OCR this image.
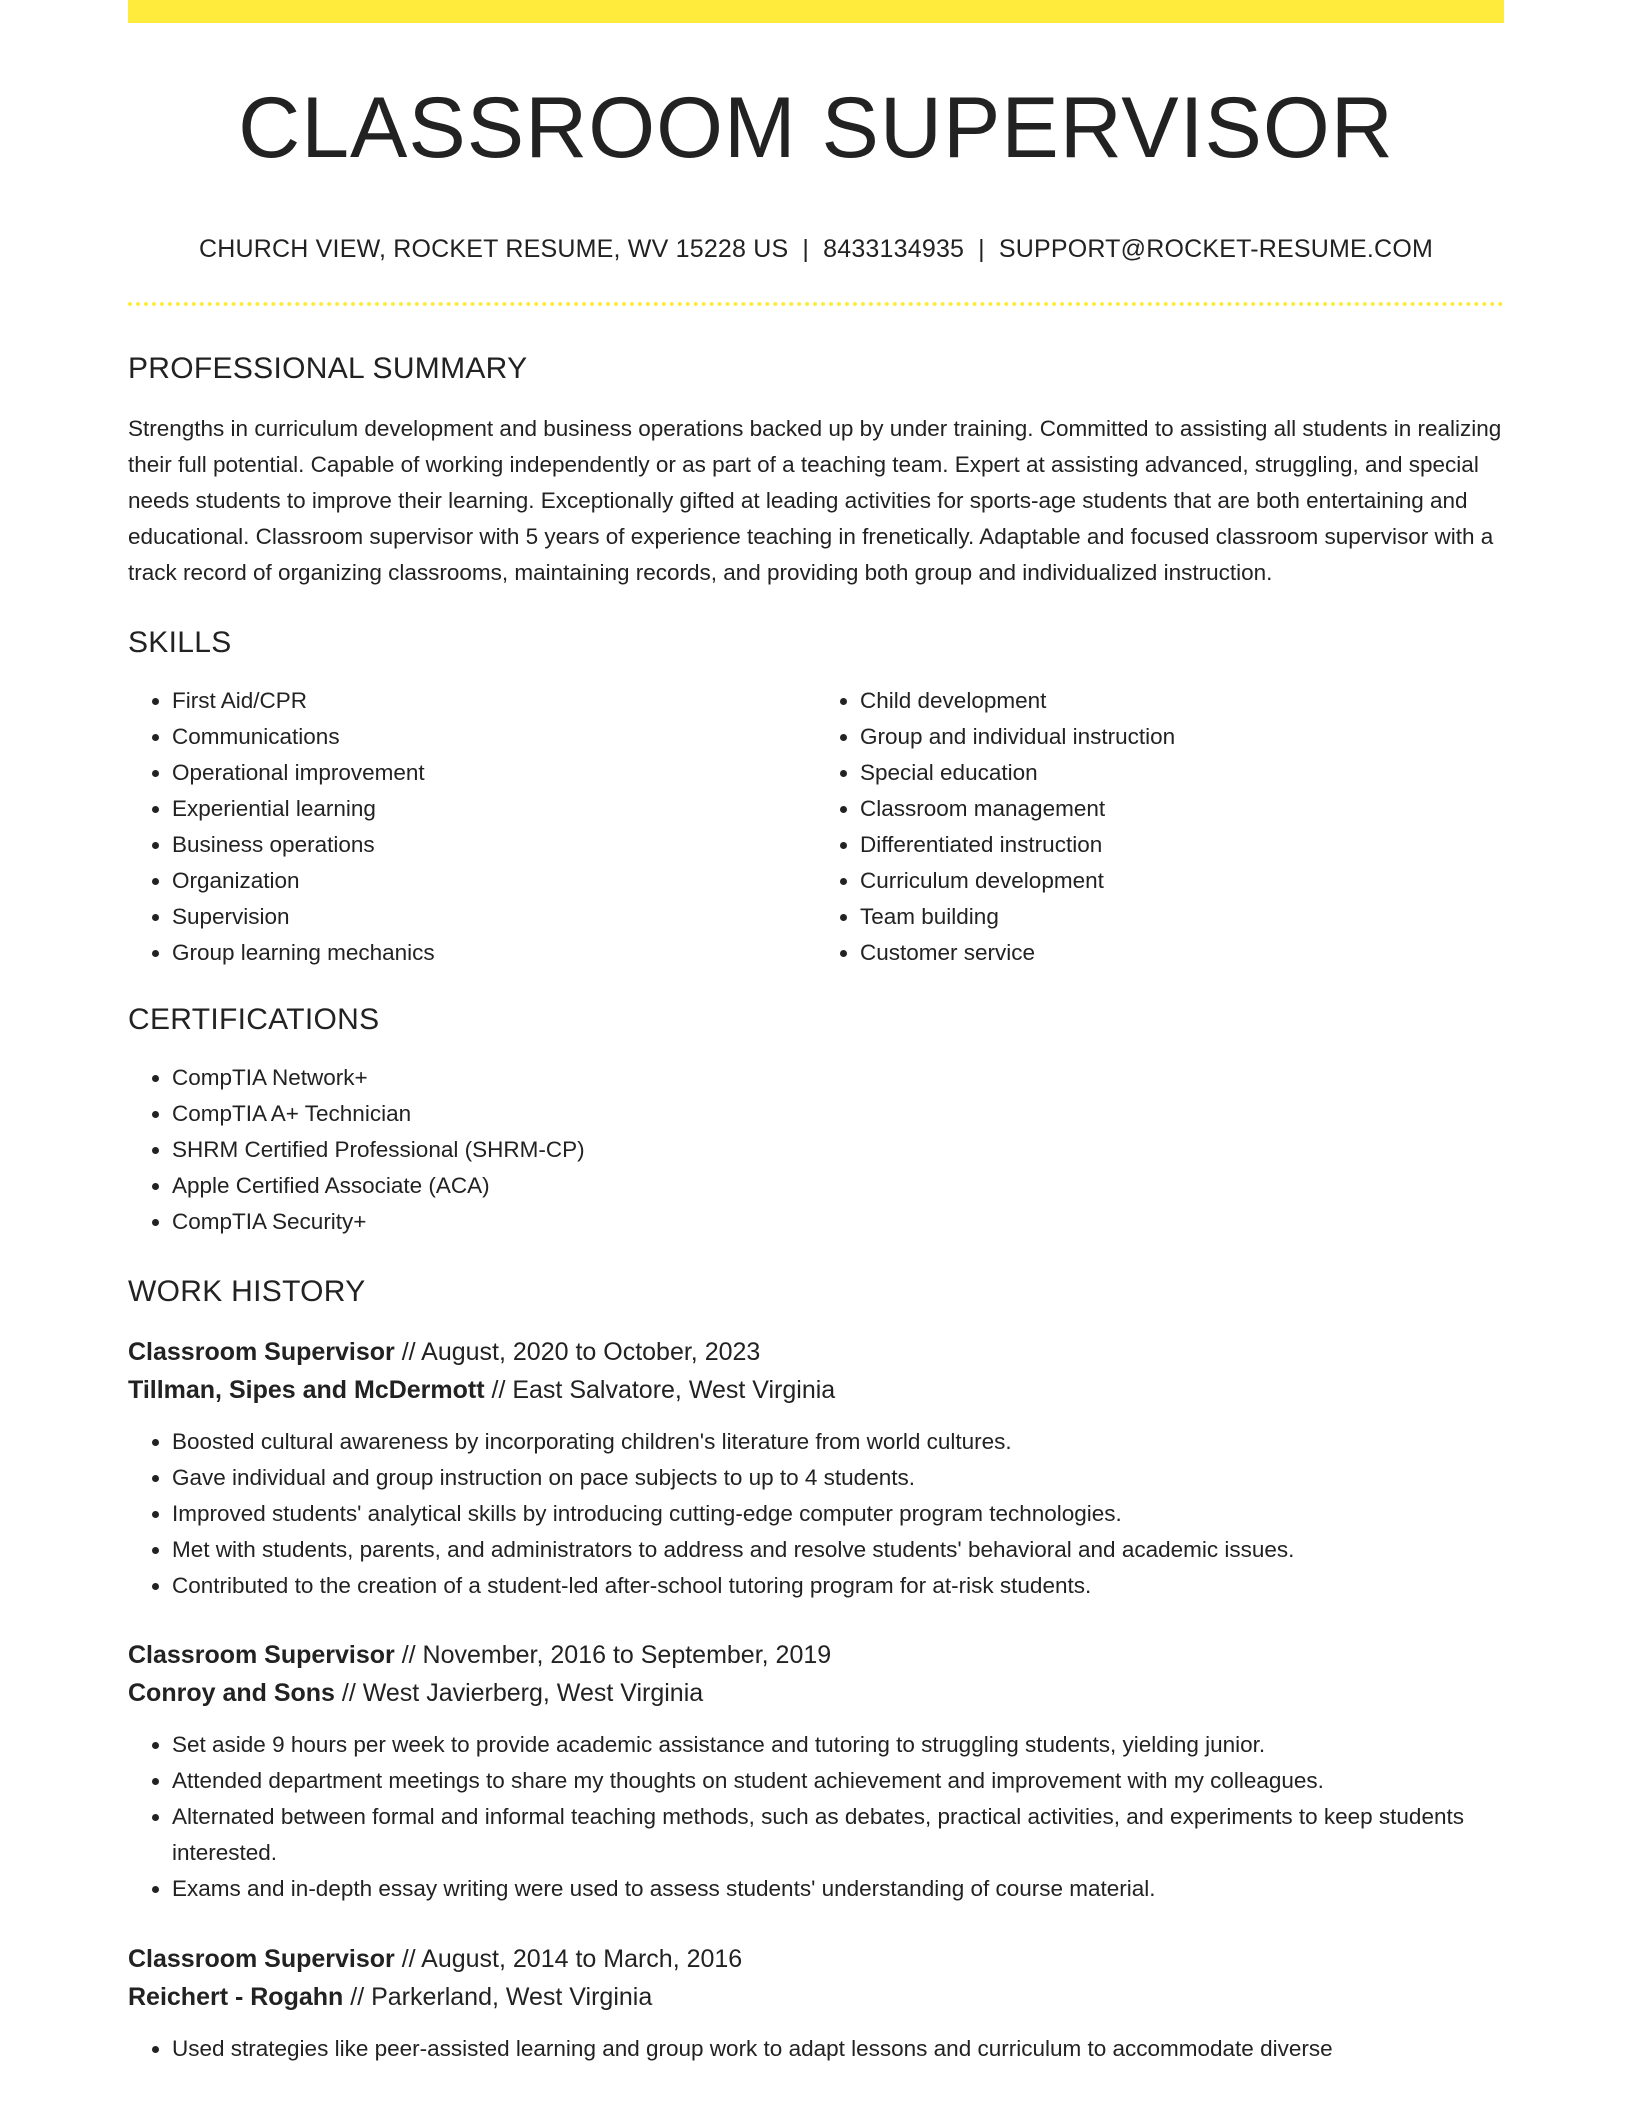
CLASSROOM SUPERVISOR
CHURCH VIEW, ROCKET RESUME, WV 15228 US | 8433134935 | SUPPORT@ROCKET-RESUME.COM
PROFESSIONAL SUMMARY

Strengths in curriculum development and business operations backed up by under training. Committed to assisting all students in realizing their full potential. Capable of working independently or as part of a teaching team. Expert at assisting advanced, struggling, and special needs students to improve their learning. Exceptionally gifted at leading activities for sports-age students that are both entertaining and educational. Classroom supervisor with 5 years of experience teaching in frenetically. Adaptable and focused classroom supervisor with a track record of organizing classrooms, maintaining records, and providing both group and individualized instruction.

SKILLS
• First Aid/CPR
• Communications
• Operational improvement
• Experiential learning
• Business operations
• Organization
• Supervision
• Group learning mechanics
• Child development
• Group and individual instruction
• Special education
• Classroom management
• Differentiated instruction
• Curriculum development
• Team building
• Customer service
CERTIFICATIONS
• CompTIA Network+
• CompTIA A+ Technician
• SHRM Certified Professional (SHRM-CP)
• Apple Certified Associate (ACA)
• CompTIA Security+
WORK HISTORY
Classroom Supervisor // August, 2020 to October, 2023
Tillman, Sipes and McDermott // East Salvatore, West Virginia
• Boosted cultural awareness by incorporating children's literature from world cultures.
• Gave individual and group instruction on pace subjects to up to 4 students.
• Improved students' analytical skills by introducing cutting-edge computer program technologies.
• Met with students, parents, and administrators to address and resolve students' behavioral and academic issues.
• Contributed to the creation of a student-led after-school tutoring program for at-risk students.
Classroom Supervisor // November, 2016 to September, 2019
Conroy and Sons // West Javierberg, West Virginia
• Set aside 9 hours per week to provide academic assistance and tutoring to struggling students, yielding junior.
• Attended department meetings to share my thoughts on student achievement and improvement with my colleagues.
• Alternated between formal and informal teaching methods, such as debates, practical activities, and experiments to keep students interested.
• Exams and in-depth essay writing were used to assess students' understanding of course material.
Classroom Supervisor // August, 2014 to March, 2016
Reichert - Rogahn // Parkerland, West Virginia
• Used strategies like peer-assisted learning and group work to adapt lessons and curriculum to accommodate diverse
